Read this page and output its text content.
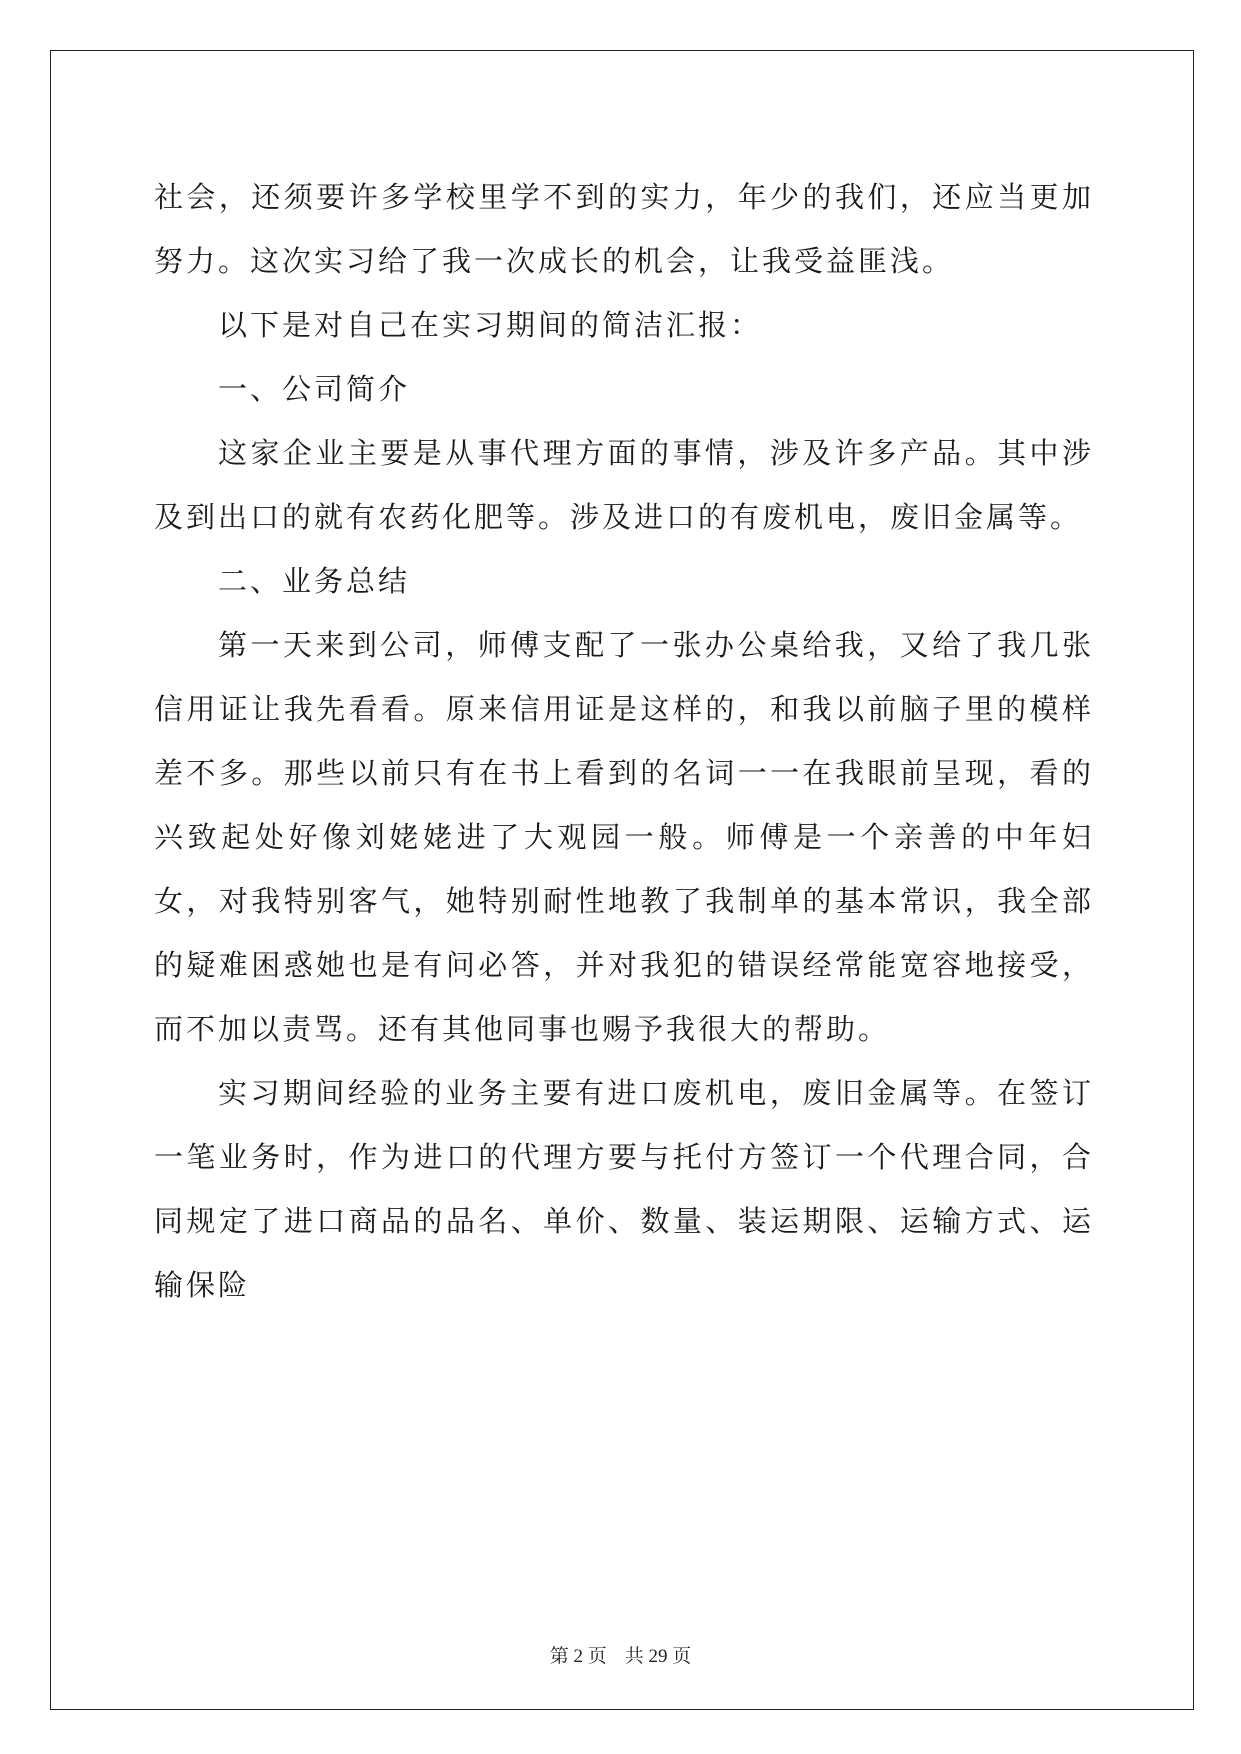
社会，还须要许多学校里学不到的实力，年少的我们，还应当更加努力。这次实习给了我一次成长的机会，让我受益匪浅。

以下是对自己在实习期间的简洁汇报：

一、公司简介

这家企业主要是从事代理方面的事情，涉及许多产品。其中涉及到出口的就有农药化肥等。涉及进口的有废机电，废旧金属等。

二、业务总结

第一天来到公司，师傅支配了一张办公桌给我，又给了我几张信用证让我先看看。原来信用证是这样的，和我以前脑子里的模样差不多。那些以前只有在书上看到的名词一一在我眼前呈现，看的兴致起处好像刘姥姥进了大观园一般。师傅是一个亲善的中年妇女，对我特别客气，她特别耐性地教了我制单的基本常识，我全部的疑难困惑她也是有问必答，并对我犯的错误经常能宽容地接受，而不加以责骂。还有其他同事也赐予我很大的帮助。

实习期间经验的业务主要有进口废机电，废旧金属等。在签订一笔业务时，作为进口的代理方要与托付方签订一个代理合同，合同规定了进口商品的品名、单价、数量、装运期限、运输方式、运输保险

第 2 页 共 29 页
